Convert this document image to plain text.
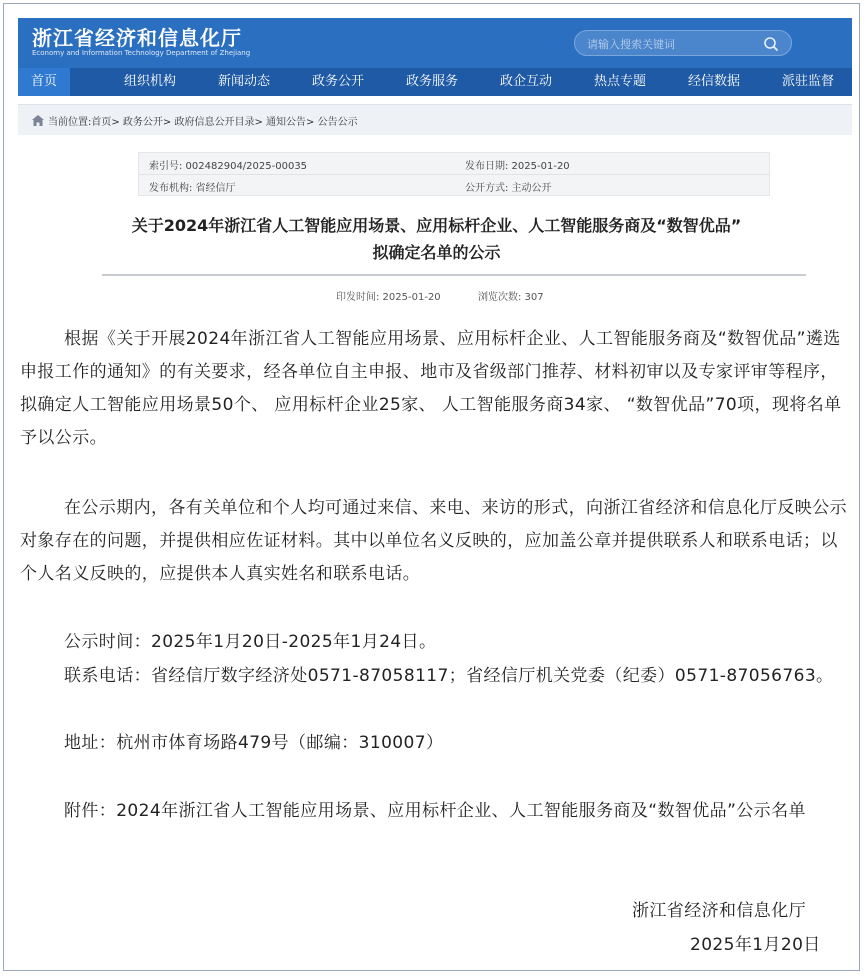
浙江省经济和信息化厅
Economy and Information Technology Department of Zhejiang
请输入搜索关键词
首页	组织机构	新闻动态	政务公开	政务服务	政企互动	热点专题	经信数据	派驻监督
当前位置:首页> 政务公开> 政府信息公开目录> 通知公告> 公告公示
索引号: 002482904/2025-00035	发布日期: 2025-01-20
发布机构: 省经信厅	公开方式: 主动公开
关于2024年浙江省人工智能应用场景、应用标杆企业、人工智能服务商及“数智优品”
拟确定名单的公示
印发时间: 2025-01-20	浏览次数: 307
根据《关于开展2024年浙江省人工智能应用场景、应用标杆企业、人工智能服务商及“数智优品”遴选申报工作的通知》的有关要求，经各单位自主申报、地市及省级部门推荐、材料初审以及专家评审等程序，拟确定人工智能应用场景50个、 应用标杆企业25家、 人工智能服务商34家、 “数智优品”70项，现将名单予以公示。
在公示期内，各有关单位和个人均可通过来信、来电、来访的形式，向浙江省经济和信息化厅反映公示对象存在的问题，并提供相应佐证材料。其中以单位名义反映的，应加盖公章并提供联系人和联系电话；以个人名义反映的，应提供本人真实姓名和联系电话。
公示时间：2025年1月20日-2025年1月24日。
联系电话：省经信厅数字经济处0571-87058117；省经信厅机关党委（纪委）0571-87056763。
地址：杭州市体育场路479号（邮编：310007）
附件：2024年浙江省人工智能应用场景、应用标杆企业、人工智能服务商及“数智优品”公示名单
浙江省经济和信息化厅
2025年1月20日
